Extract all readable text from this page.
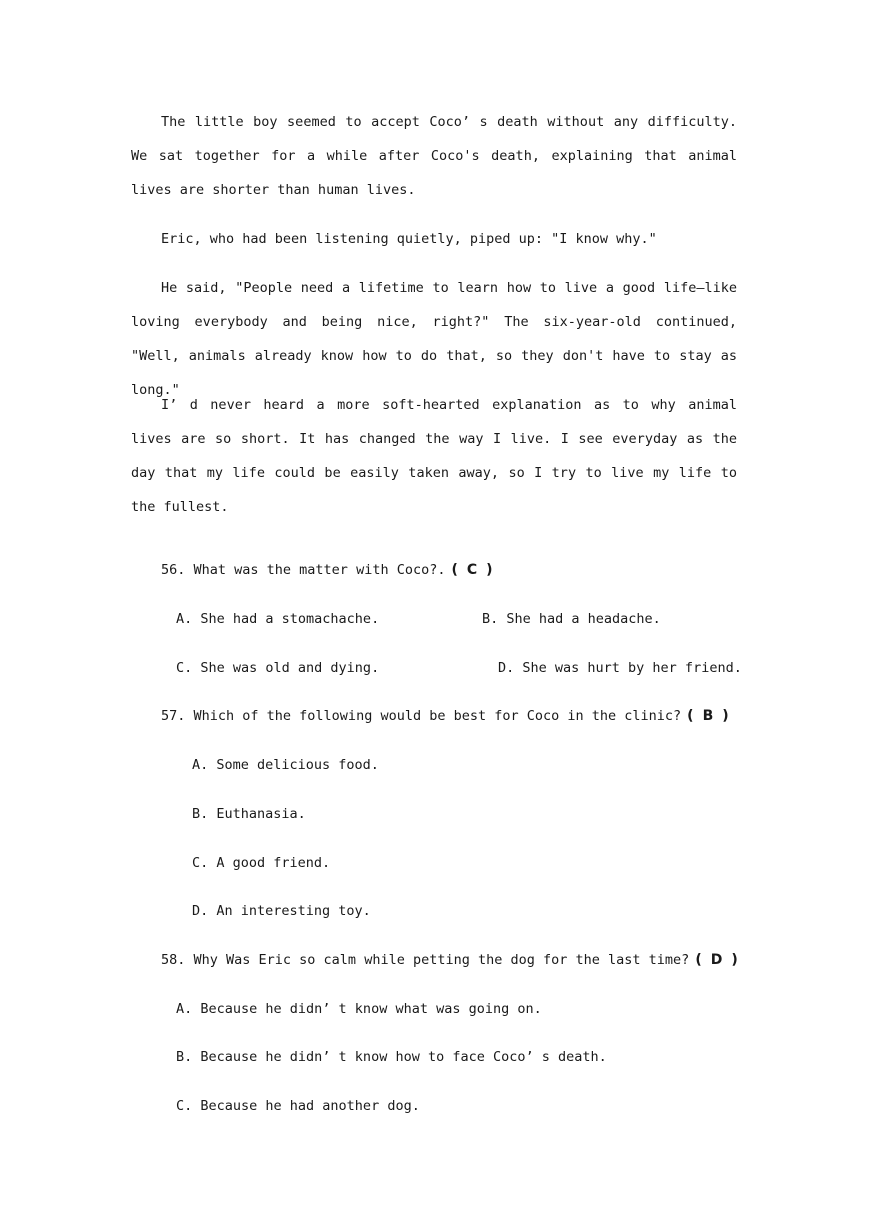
The little boy seemed to accept Coco’ s death without any difficulty. We sat together for a while after Coco's death, explaining that animal lives are shorter than human lives.

Eric, who had been listening quietly, piped up: "I know why."

He said, "People need a lifetime to learn how to live a good life—like loving everybody and being nice, right?" The six-year-old continued, "Well, animals already know how to do that, so they don't have to stay as long."

I’ d never heard a more soft-hearted explanation as to why animal lives are so short. It has changed the way I live. I see everyday as the day that my life could be easily taken away, so I try to live my life to the fullest.

56. What was the matter with Coco?. ( C )
A. She had a stomachache.	B. She had a headache.
C. She was old and dying.	D. She was hurt by her friend.
57. Which of the following would be best for Coco in the clinic? ( B )
A. Some delicious food.
B. Euthanasia.
C. A good friend.
D. An interesting toy.
58. Why Was Eric so calm while petting the dog for the last time? ( D )
A. Because he didn’ t know what was going on.
B. Because he didn’ t know how to face Coco’ s death.
C. Because he had another dog.
